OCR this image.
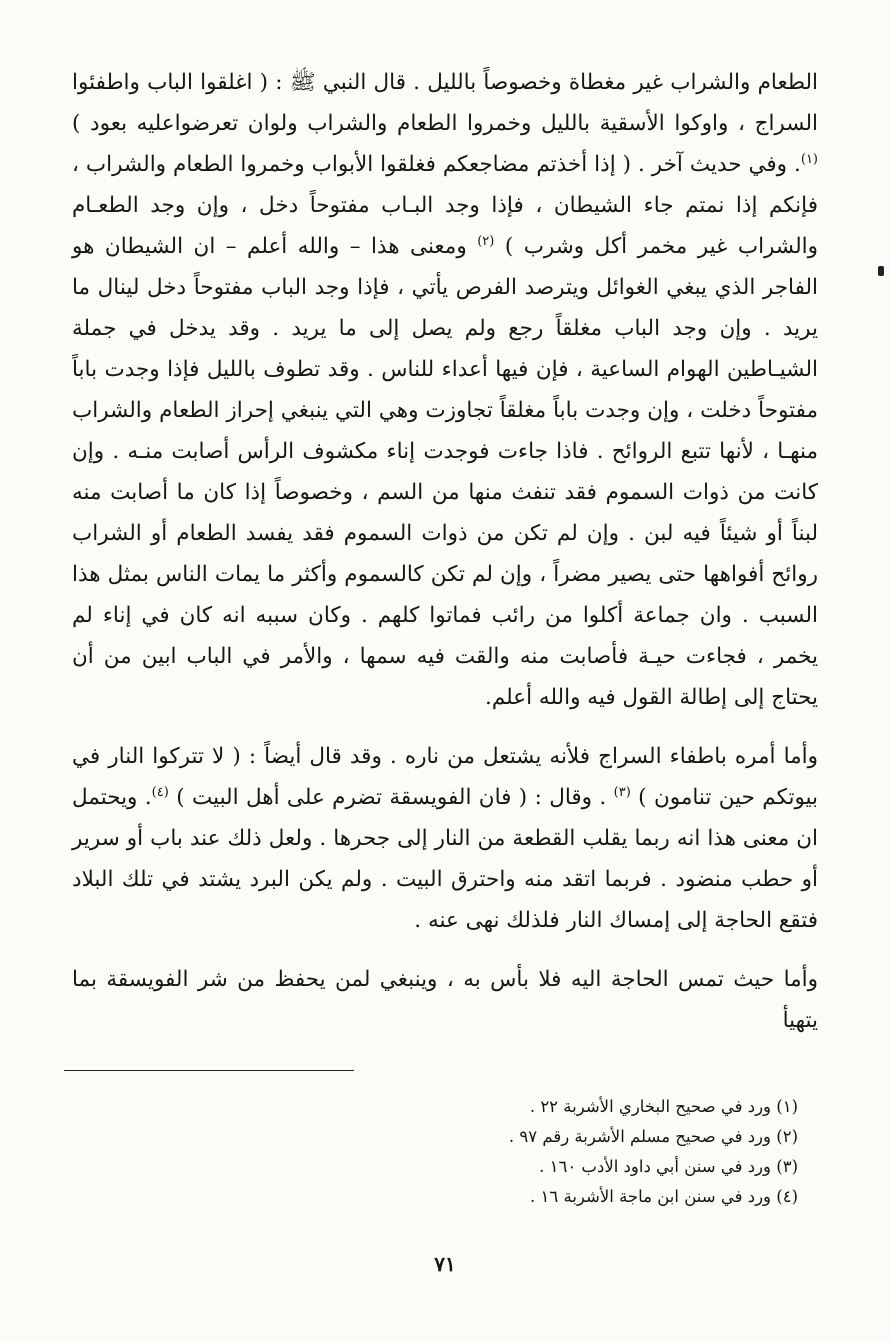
الطعام والشراب غير مغطاة وخصوصاً بالليل . قال النبي ﷺ : ( اغلقوا الباب واطفئوا السراج ، واوكوا الأسقية بالليل وخمروا الطعام والشراب ولوان تعرضواعليه بعود ) $^{(١)}$. وفي حديث آخر . ( إذا أخذتم مضاجعكم فغلقوا الأبواب وخمروا الطعام والشراب ، فإنكم إذا نمتم جاء الشيطان ، فإذا وجد البـاب مفتوحاً دخل ، وإن وجد الطعـام والشراب غير مخمر أكل وشرب ) $^{(٢)}$ ومعنى هذا – والله أعلم – ان الشيطان هو الفاجر الذي يبغي الغوائل ويترصد الفرص يأتي ، فإذا وجد الباب مفتوحاً دخل لينال ما يريد . وإن وجد الباب مغلقاً رجع ولم يصل إلى ما يريد . وقد يدخل في جملة الشيـاطين الهوام الساعية ، فإن فيها أعداء للناس . وقد تطوف بالليل فإذا وجدت باباً مفتوحاً دخلت ، وإن وجدت باباً مغلقاً تجاوزت وهي التي ينبغي إحراز الطعام والشراب منهـا ، لأنها تتبع الروائح . فاذا جاءت فوجدت إناء مكشوف الرأس أصابت منـه . وإن كانت من ذوات السموم فقد تنفث منها من السم ، وخصوصاً إذا كان ما أصابت منه لبناً أو شيئاً فيه لبن . وإن لم تكن من ذوات السموم فقد يفسد الطعام أو الشراب روائح أفواهها حتى يصير مضراً ، وإن لم تكن كالسموم وأكثر ما يمات الناس بمثل هذا السبب . وان جماعة أكلوا من رائب فماتوا كلهم . وكان سببه انه كان في إناء لم يخمر ، فجاءت حيـة فأصابت منه والقت فيه سمها ، والأمر في الباب ابين من أن يحتاج إلى إطالة القول فيه والله أعلم.

وأما أمره باطفاء السراج فلأنه يشتعل من ناره . وقد قال أيضاً : ( لا تتركوا النار في بيوتكم حين تنامون ) $^{(٣)}$ . وقال : ( فان الفويسقة تضرم على أهل البيت ) $^{(٤)}$. ويحتمل ان معنى هذا انه ربما يقلب القطعة من النار إلى جحرها . ولعل ذلك عند باب أو سرير أو حطب منضود . فربما اتقد منه واحترق البيت . ولم يكن البرد يشتد في تلك البلاد فتقع الحاجة إلى إمساك النار فلذلك نهى عنه .

وأما حيث تمس الحاجة اليه فلا بأس به ، وينبغي لمن يحفظ من شر الفويسقة بما يتهيأ

(١) ورد في صحيح البخاري الأشربة ٢٢ .

(٢) ورد في صحيح مسلم الأشربة رقم ٩٧ .

(٣) ورد في سنن أبي داود الأدب ١٦٠ .

(٤) ورد في سنن ابن ماجة الأشربة ١٦ .

٧١
